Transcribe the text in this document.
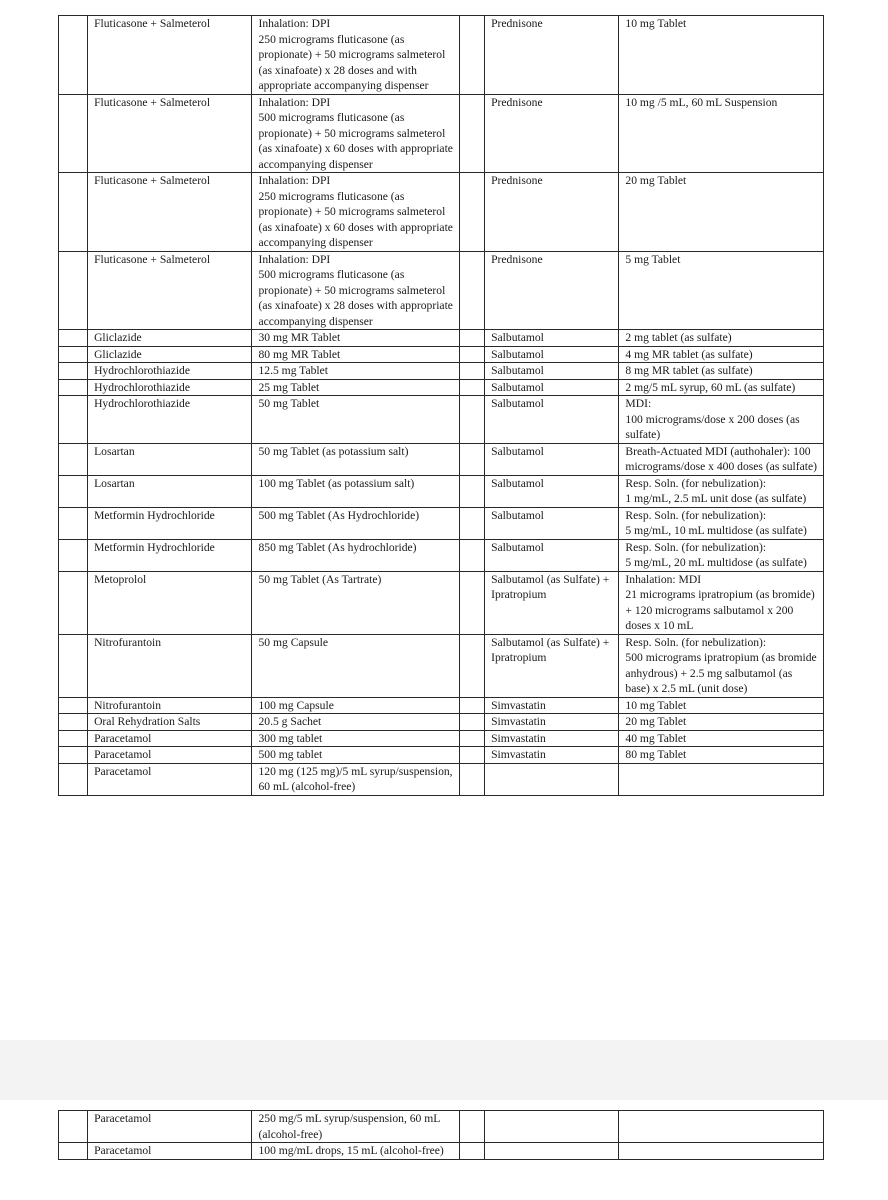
	Fluticasone + Salmeterol	Inhalation: DPI
250 micrograms fluticasone (as propionate) + 50 micrograms salmeterol (as xinafoate) x 28 doses and with appropriate accompanying dispenser		Prednisone	10 mg Tablet

	Fluticasone + Salmeterol	Inhalation: DPI
500 micrograms fluticasone (as propionate) + 50 micrograms salmeterol (as xinafoate) x 60 doses with appropriate accompanying dispenser		Prednisone	10 mg /5 mL, 60 mL Suspension

	Fluticasone + Salmeterol	Inhalation: DPI
250 micrograms fluticasone (as propionate) + 50 micrograms salmeterol (as xinafoate) x 60 doses with appropriate accompanying dispenser		Prednisone	20 mg Tablet

	Fluticasone + Salmeterol	Inhalation: DPI
500 micrograms fluticasone (as propionate) + 50 micrograms salmeterol (as xinafoate) x 28 doses with appropriate accompanying dispenser		Prednisone	5 mg Tablet

	Gliclazide	30 mg MR Tablet		Salbutamol	2 mg tablet (as sulfate)

	Gliclazide	80 mg MR Tablet		Salbutamol	4 mg MR tablet (as sulfate)

	Hydrochlorothiazide	12.5 mg Tablet		Salbutamol	8 mg MR tablet (as sulfate)

	Hydrochlorothiazide	25 mg Tablet		Salbutamol	2 mg/5 mL syrup, 60 mL (as sulfate)

	Hydrochlorothiazide	50 mg Tablet		Salbutamol	MDI:
100 micrograms/dose x 200 doses (as sulfate)

	Losartan	50 mg Tablet (as potassium salt)		Salbutamol	Breath-Actuated MDI (authohaler): 100 micrograms/dose x 400 doses (as sulfate)

	Losartan	100 mg Tablet (as potassium salt)		Salbutamol	Resp. Soln. (for nebulization):
1 mg/mL, 2.5 mL unit dose (as sulfate)

	Metformin Hydrochloride	500 mg Tablet (As Hydrochloride)		Salbutamol	Resp. Soln. (for nebulization):
5 mg/mL, 10 mL multidose (as sulfate)

	Metformin Hydrochloride	850 mg Tablet (As hydrochloride)		Salbutamol	Resp. Soln. (for nebulization):
5 mg/mL, 20 mL multidose (as sulfate)

	Metoprolol	50 mg Tablet (As Tartrate)		Salbutamol (as Sulfate) + Ipratropium	Inhalation: MDI
21 micrograms ipratropium (as bromide) + 120 micrograms salbutamol x 200 doses x 10 mL

	Nitrofurantoin	50 mg Capsule		Salbutamol (as Sulfate) + Ipratropium	Resp. Soln. (for nebulization):
500 micrograms ipratropium (as bromide anhydrous) + 2.5 mg salbutamol (as base) x 2.5 mL (unit dose)

	Nitrofurantoin	100 mg Capsule		Simvastatin	10 mg Tablet

	Oral Rehydration Salts	20.5 g Sachet		Simvastatin	20 mg Tablet

	Paracetamol	300 mg tablet		Simvastatin	40 mg Tablet

	Paracetamol	500 mg tablet		Simvastatin	80 mg Tablet

	Paracetamol	120 mg (125 mg)/5 mL syrup/suspension, 60 mL (alcohol-free)			

	Paracetamol	250 mg/5 mL syrup/suspension, 60 mL (alcohol-free)			

	Paracetamol	100 mg/mL drops, 15 mL (alcohol-free)			
